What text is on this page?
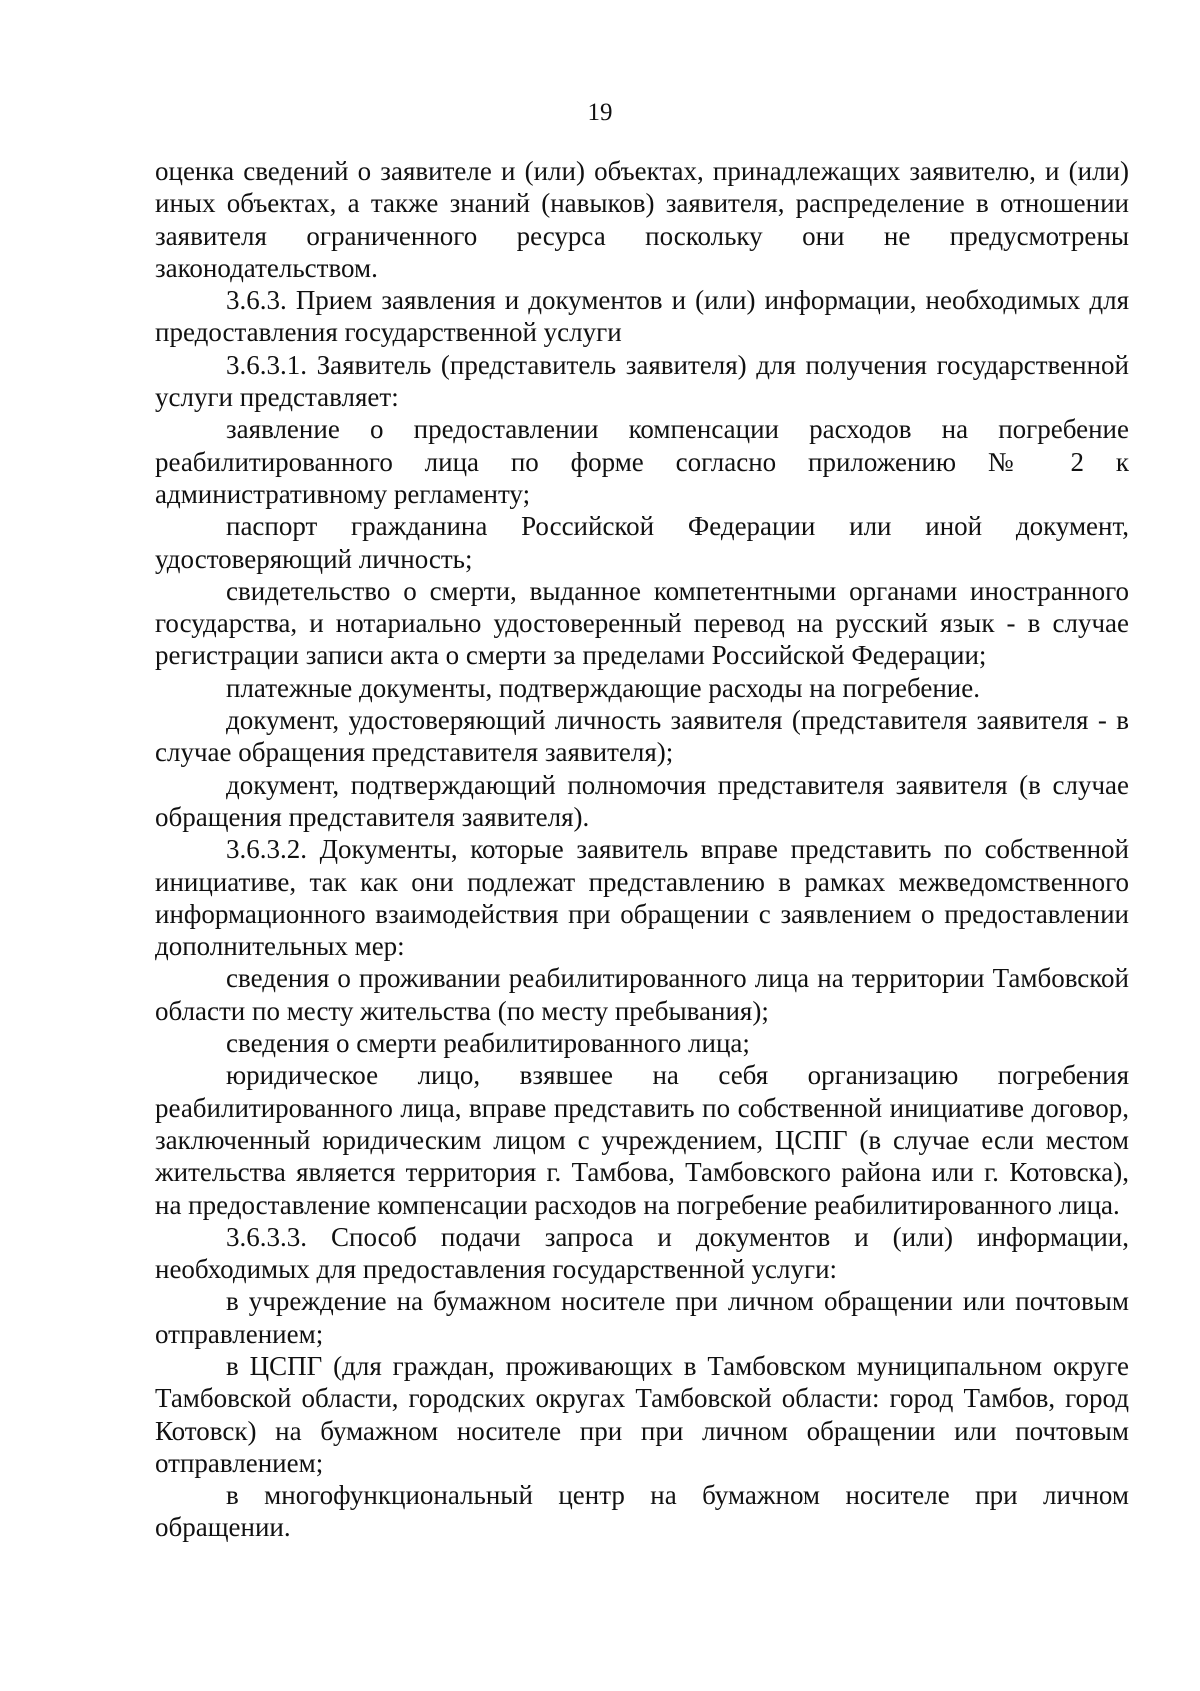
19

оценка сведений о заявителе и (или) объектах, принадлежащих заявителю, и (или) иных объектах, а также знаний (навыков) заявителя, распределение в отношении заявителя ограниченного ресурса поскольку они не предусмотрены законодательством.

3.6.3. Прием заявления и документов и (или) информации, необходимых для предоставления государственной услуги

3.6.3.1. Заявитель (представитель заявителя) для получения государственной услуги представляет:

заявление о предоставлении компенсации расходов на погребение реабилитированного лица по форме согласно приложению № 2 к административному регламенту;

паспорт гражданина Российской Федерации или иной документ, удостоверяющий личность;

свидетельство о смерти, выданное компетентными органами иностранного государства, и нотариально удостоверенный перевод на русский язык - в случае регистрации записи акта о смерти за пределами Российской Федерации;

платежные документы, подтверждающие расходы на погребение.

документ, удостоверяющий личность заявителя (представителя заявителя - в случае обращения представителя заявителя);

документ, подтверждающий полномочия представителя заявителя (в случае обращения представителя заявителя).

3.6.3.2. Документы, которые заявитель вправе представить по собственной инициативе, так как они подлежат представлению в рамках межведомственного информационного взаимодействия при обращении с заявлением о предоставлении дополнительных мер:

сведения о проживании реабилитированного лица на территории Тамбовской области по месту жительства (по месту пребывания);

сведения о смерти реабилитированного лица;

юридическое лицо, взявшее на себя организацию погребения реабилитированного лица, вправе представить по собственной инициативе договор, заключенный юридическим лицом с учреждением, ЦСПГ (в случае если местом жительства является территория г. Тамбова, Тамбовского района или г. Котовска), на предоставление компенсации расходов на погребение реабилитированного лица.

3.6.3.3. Способ подачи запроса и документов и (или) информации, необходимых для предоставления государственной услуги:

в учреждение на бумажном носителе при личном обращении или почтовым отправлением;

в ЦСПГ (для граждан, проживающих в Тамбовском муниципальном округе Тамбовской области, городских округах Тамбовской области: город Тамбов, город Котовск) на бумажном носителе при при личном обращении или почтовым отправлением;

в многофункциональный центр на бумажном носителе при личном обращении.
